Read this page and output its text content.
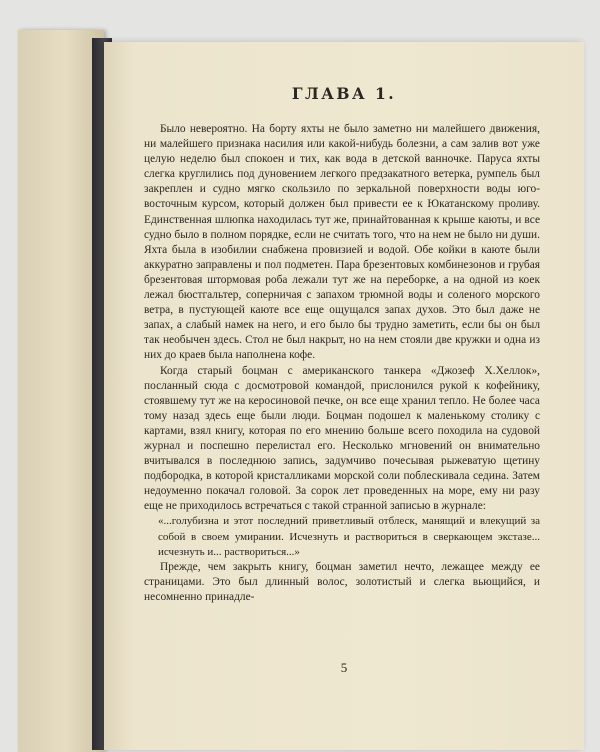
ГЛАВА 1.

Было невероятно. На борту яхты не было заметно ни малейшего движения, ни малейшего признака насилия или какой-нибудь болезни, а сам залив вот уже целую неделю был спокоен и тих, как вода в детской ванночке. Паруса яхты слегка круглились под дуновением легкого предзакатного ветерка, румпель был закреплен и судно мягко скользило по зеркальной поверхности воды юго-восточным курсом, который должен был привести ее к Юкатанскому проливу. Единственная шлюпка находилась тут же, принайтованная к крыше каюты, и все судно было в полном порядке, если не считать того, что на нем не было ни души. Яхта была в изобилии снабжена провизией и водой. Обе койки в каюте были аккуратно заправлены и пол подметен. Пара брезентовых комбинезонов и грубая брезентовая штормовая роба лежали тут же на переборке, а на одной из коек лежал бюстгальтер, соперничая с запахом трюмной воды и соленого морского ветра, в пустующей каюте все еще ощущался запах духов. Это был даже не запах, а слабый намек на него, и его было бы трудно заметить, если бы он был так необычен здесь. Стол не был накрыт, но на нем стояли две кружки и одна из них до краев была наполнена кофе.

Когда старый боцман с американского танкера «Джозеф Х.Хеллок», посланный сюда с досмотровой командой, прислонился рукой к кофейнику, стоявшему тут же на керосиновой печке, он все еще хранил тепло. Не более часа тому назад здесь еще были люди. Боцман подошел к маленькому столику с картами, взял книгу, которая по его мнению больше всего походила на судовой журнал и поспешно перелистал его. Несколько мгновений он внимательно вчитывался в последнюю запись, задумчиво почесывая рыжеватую щетину подбородка, в которой кристалликами морской соли поблескивала седина. Затем недоуменно покачал головой. За сорок лет проведенных на море, ему ни разу еще не приходилось встречаться с такой странной записью в журнале:

«...голубизна и этот последний приветливый отблеск, манящий и влекущий за собой в своем умирании. Исчезнуть и раствориться в сверкающем экстазе... исчезнуть и... раствориться...»

Прежде, чем закрыть книгу, боцман заметил нечто, лежащее между ее страницами. Это был длинный волос, золотистый и слегка вьющийся, и несомненно принадле-

5
